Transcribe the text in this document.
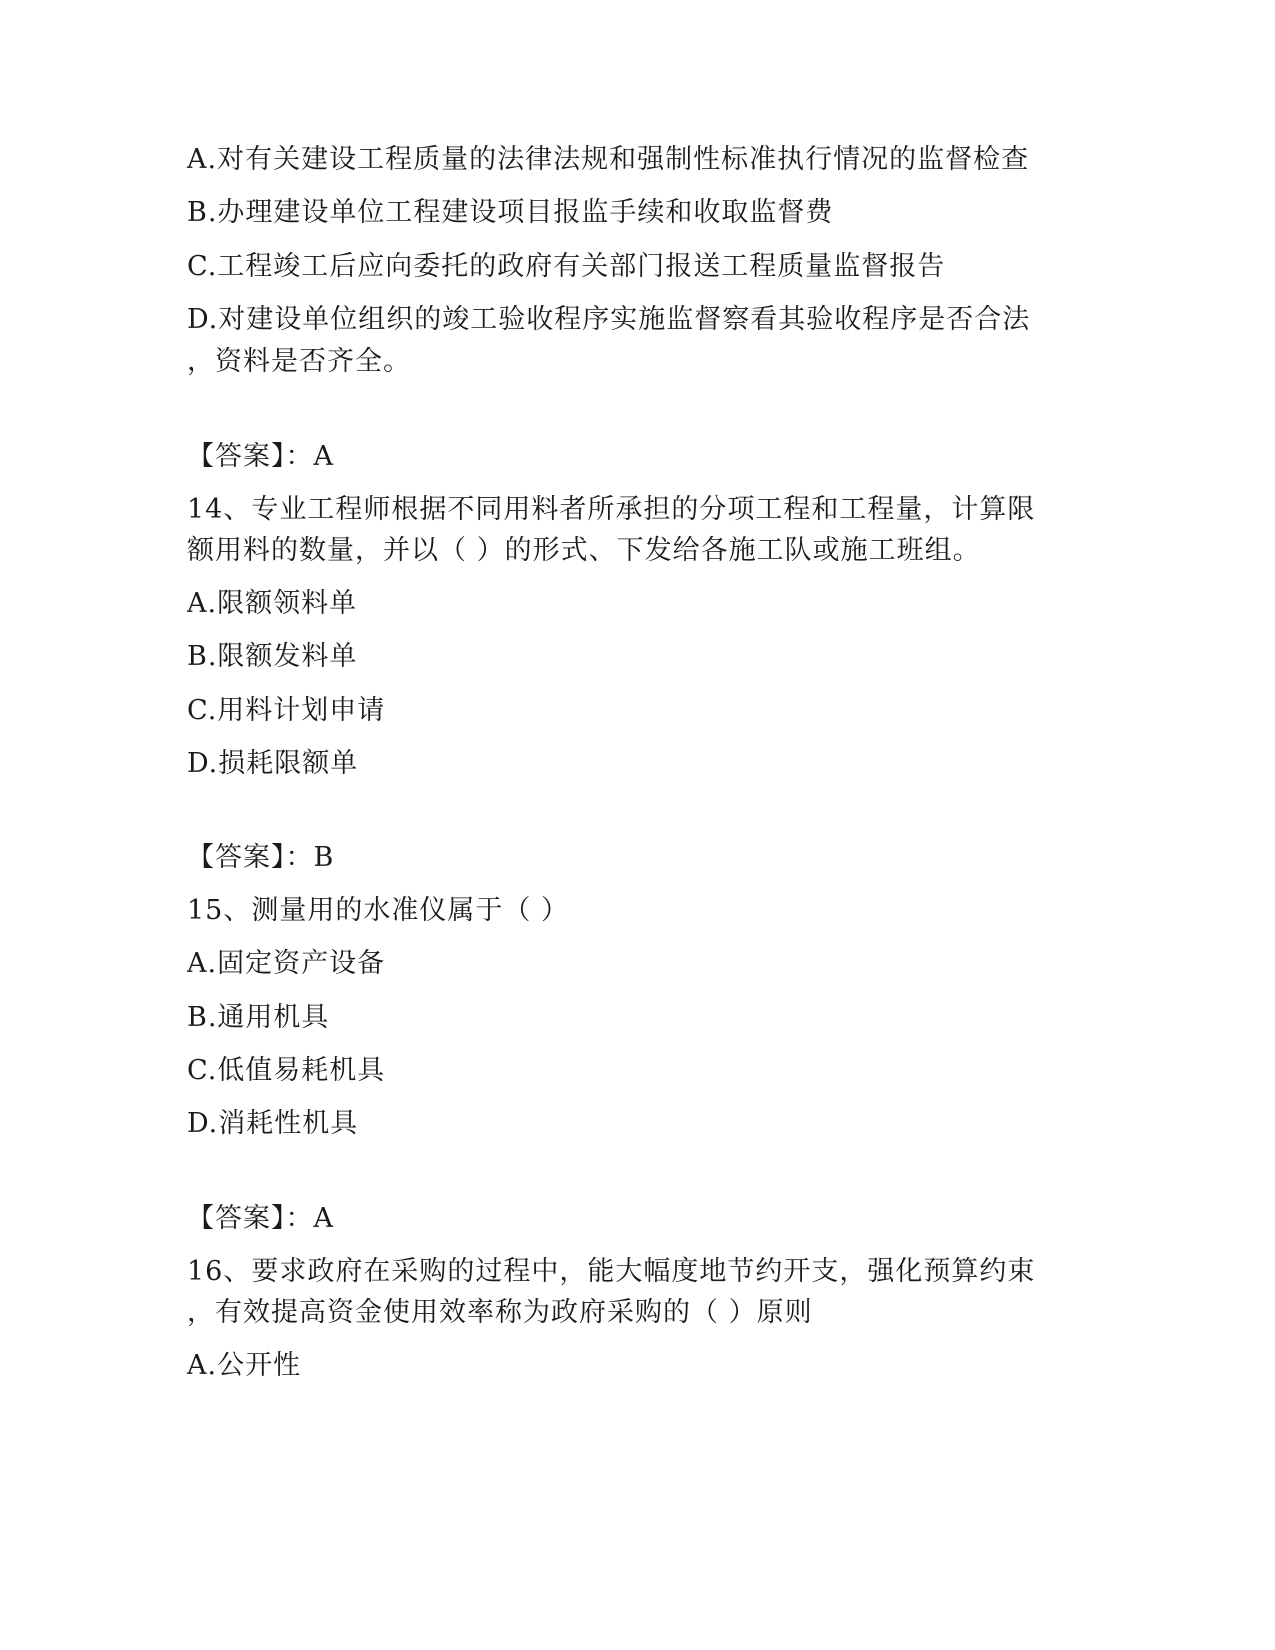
A.对有关建设工程质量的法律法规和强制性标准执行情况的监督检查
B.办理建设单位工程建设项目报监手续和收取监督费
C.工程竣工后应向委托的政府有关部门报送工程质量监督报告
D.对建设单位组织的竣工验收程序实施监督察看其验收程序是否合法
，资料是否齐全。
【答案】：A
14、专业工程师根据不同用料者所承担的分项工程和工程量，计算限
额用料的数量，并以（ ）的形式、下发给各施工队或施工班组。
A.限额领料单
B.限额发料单
C.用料计划申请
D.损耗限额单
【答案】：B
15、测量用的水准仪属于（ ）
A.固定资产设备
B.通用机具
C.低值易耗机具
D.消耗性机具
【答案】：A
16、要求政府在采购的过程中，能大幅度地节约开支，强化预算约束
，有效提高资金使用效率称为政府采购的（ ）原则
A.公开性
